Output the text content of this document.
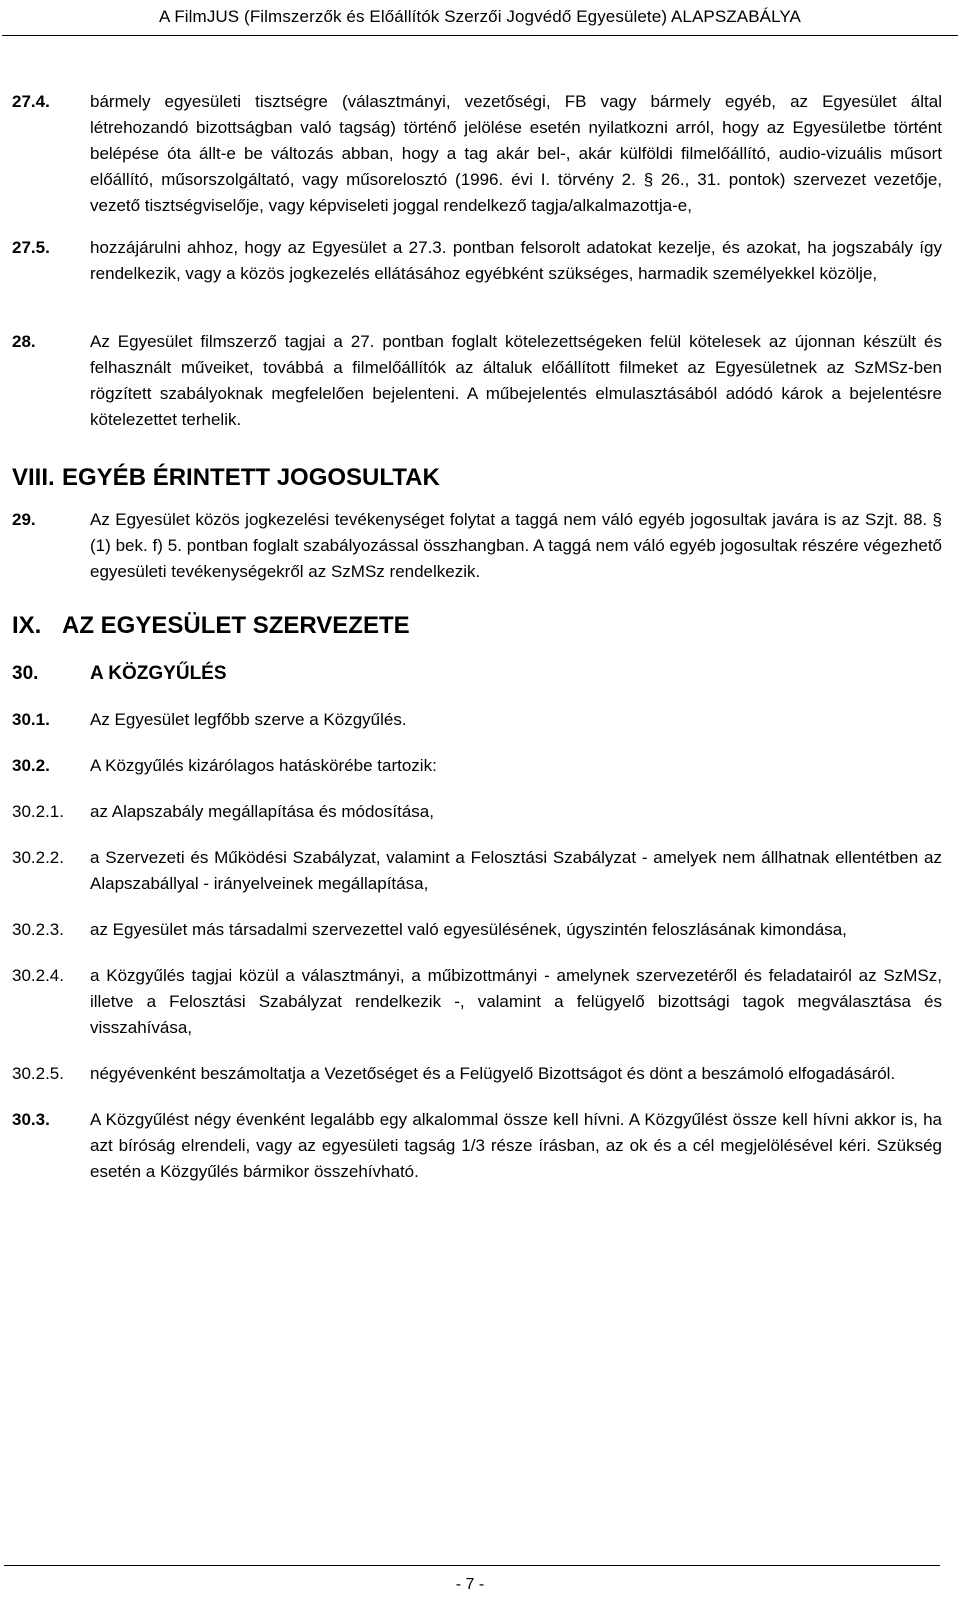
A FilmJUS (Filmszerzők és Előállítók Szerzői Jogvédő Egyesülete) ALAPSZABÁLYA
27.4.	bármely egyesületi tisztségre (választmányi, vezetőségi, FB vagy bármely egyéb, az Egyesület által létrehozandó bizottságban való tagság) történő jelölése esetén nyilatkozni arról, hogy az Egyesületbe történt belépése óta állt-e be változás abban, hogy a tag akár bel-, akár külföldi filmelőállító, audio-vizuális műsort előállító, műsorszolgáltató, vagy műsorelosztó (1996. évi I. törvény 2. § 26., 31. pontok) szervezet vezetője, vezető tisztségviselője, vagy képviseleti joggal rendelkező tagja/alkalmazottja-e,
27.5.	hozzájárulni ahhoz, hogy az Egyesület a 27.3. pontban felsorolt adatokat kezelje, és azokat, ha jogszabály így rendelkezik, vagy a közös jogkezelés ellátásához egyébként szükséges, harmadik személyekkel közölje,
28.	Az Egyesület filmszerző tagjai a 27. pontban foglalt kötelezettségeken felül kötelesek az újonnan készült és felhasznált műveiket, továbbá a filmelőállítók az általuk előállított filmeket az Egyesületnek az SzMSz-ben rögzített szabályoknak megfelelően bejelenteni. A műbejelentés elmulasztásából adódó károk a bejelentésre kötelezettet terhelik.
VIII. EGYÉB ÉRINTETT JOGOSULTAK
29.	Az Egyesület közös jogkezelési tevékenységet folytat a taggá nem váló egyéb jogosultak javára is az Szjt. 88. § (1) bek. f) 5. pontban foglalt szabályozással összhangban. A taggá nem váló egyéb jogosultak részére végezhető egyesületi tevékenységekről az SzMSz rendelkezik.
IX. AZ EGYESÜLET SZERVEZETE
30.	A KÖZGYŰLÉS
30.1.	Az Egyesület legfőbb szerve a Közgyűlés.
30.2.	A Közgyűlés kizárólagos hatáskörébe tartozik:
30.2.1.	az Alapszabály megállapítása és módosítása,
30.2.2.	a Szervezeti és Működési Szabályzat, valamint a Felosztási Szabályzat - amelyek nem állhatnak ellentétben az Alapszabállyal - irányelveinek megállapítása,
30.2.3.	az Egyesület más társadalmi szervezettel való egyesülésének, úgyszintén feloszlásának kimondása,
30.2.4.	a Közgyűlés tagjai közül a választmányi, a műbizottmányi - amelynek szervezetéről és feladatairól az SzMSz, illetve a Felosztási Szabályzat rendelkezik -, valamint a felügyelő bizottsági tagok megválasztása és visszahívása,
30.2.5.	négyévenként beszámoltatja a Vezetőséget és a Felügyelő Bizottságot és dönt a beszámoló elfogadásáról.
30.3.	A Közgyűlést négy évenként legalább egy alkalommal össze kell hívni. A Közgyűlést össze kell hívni akkor is, ha azt bíróság elrendeli, vagy az egyesületi tagság 1/3 része írásban, az ok és a cél megjelölésével kéri. Szükség esetén a Közgyűlés bármikor összehívható.
- 7 -
